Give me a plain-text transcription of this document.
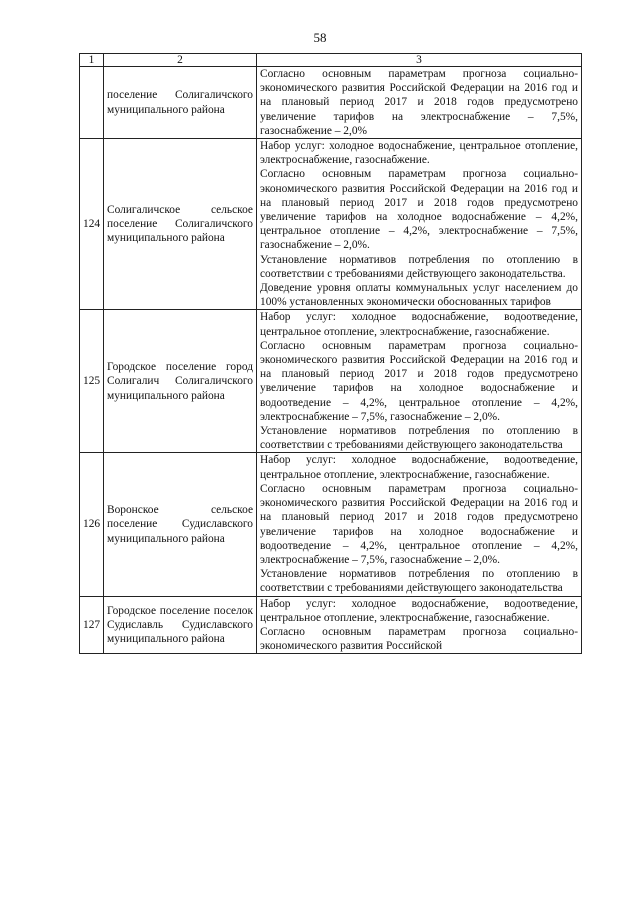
58
1	2	3
	поселение Солигаличского муниципального района	Согласно основным параметрам прогноза социально-экономического развития Российской Федерации на 2016 год и на плановый период 2017 и 2018 годов предусмотрено увеличение тарифов на электроснабжение – 7,5%, газоснабжение – 2,0%

124	Солигаличское сельское поселение Солигаличского муниципального района	Набор услуг: холодное водоснабжение, центральное отопление, электроснабжение, газоснабжение.

Согласно основным параметрам прогноза социально-экономического развития Российской Федерации на 2016 год и на плановый период 2017 и 2018 годов предусмотрено увеличение тарифов на холодное водоснабжение – 4,2%, центральное отопление – 4,2%, электроснабжение – 7,5%, газоснабжение – 2,0%.

Установление нормативов потребления по отоплению в соответствии с требованиями действующего законодательства.

Доведение уровня оплаты коммунальных услуг населением до 100% установленных экономически обоснованных тарифов

125	Городское поселение город Солигалич Солигаличского муниципального района	Набор услуг: холодное водоснабжение, водоотведение, центральное отопление, электроснабжение, газоснабжение.

Согласно основным параметрам прогноза социально-экономического развития Российской Федерации на 2016 год и на плановый период 2017 и 2018 годов предусмотрено увеличение тарифов на холодное водоснабжение и водоотведение – 4,2%, центральное отопление – 4,2%, электроснабжение – 7,5%, газоснабжение – 2,0%.

Установление нормативов потребления по отоплению в соответствии с требованиями действующего законодательства

126	Воронское сельское поселение Судиславского муниципального района	Набор услуг: холодное водоснабжение, водоотведение, центральное отопление, электроснабжение, газоснабжение.

Согласно основным параметрам прогноза социально-экономического развития Российской Федерации на 2016 год и на плановый период 2017 и 2018 годов предусмотрено увеличение тарифов на холодное водоснабжение и водоотведение – 4,2%, центральное отопление – 4,2%, электроснабжение – 7,5%, газоснабжение – 2,0%.

Установление нормативов потребления по отоплению в соответствии с требованиями действующего законодательства

127	Городское поселение поселок Судиславль Судиславского муниципального района	Набор услуг: холодное водоснабжение, водоотведение, центральное отопление, электроснабжение, газоснабжение.

Согласно основным параметрам прогноза социально-экономического развития Российской
